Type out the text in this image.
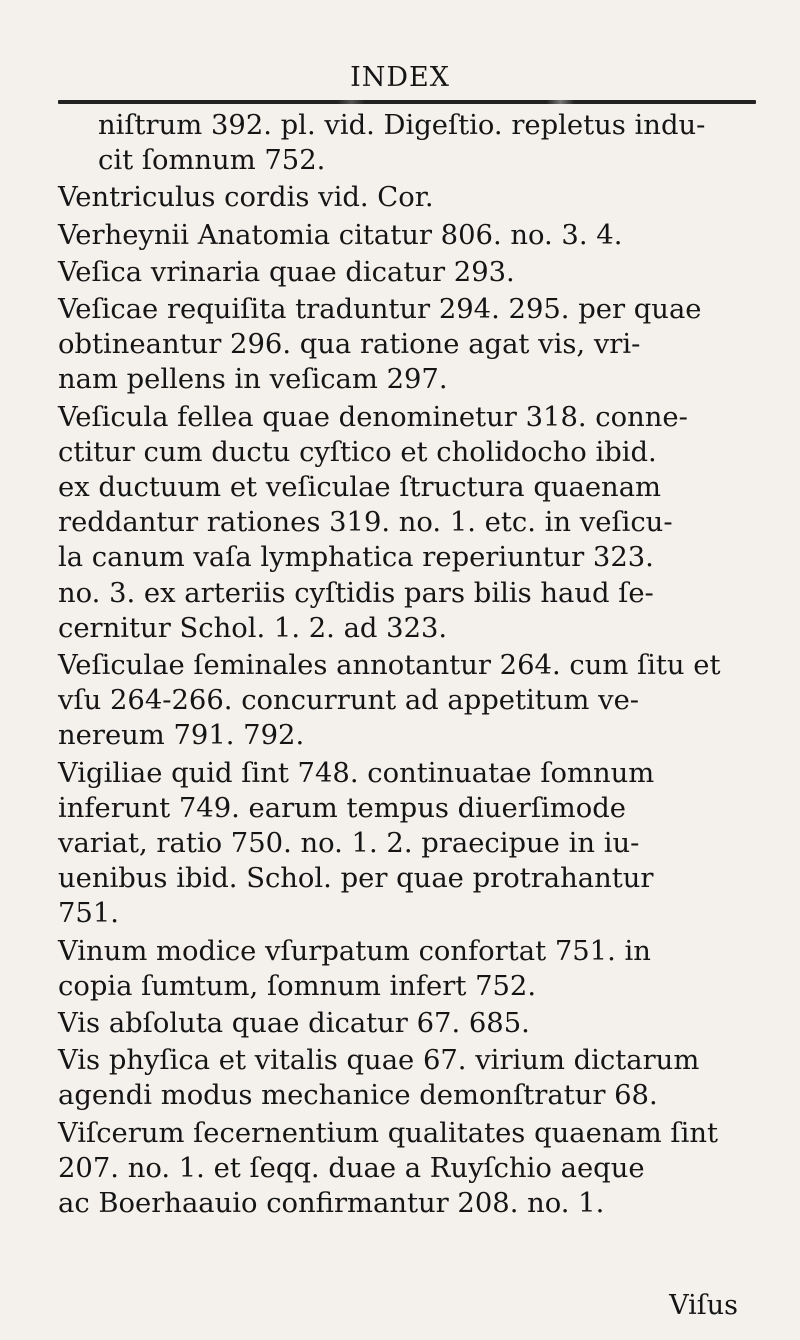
INDEX

niſtrum 392. pl. vid. Digeſtio. repletus indu-
cit ſomnum 752.

Ventriculus cordis vid. Cor.

Verheynii Anatomia citatur 806. no. 3. 4.

Veſica vrinaria quae dicatur 293.

Veſicae requiſita traduntur 294. 295. per quae
obtineantur 296. qua ratione agat vis, vri-
nam pellens in veſicam 297.

Veſicula fellea quae denominetur 318. conne-
ctitur cum ductu cyſtico et cholidocho ibid.
ex ductuum et veſiculae ſtructura quaenam
reddantur rationes 319. no. 1. etc. in veſicu-
la canum vaſa lymphatica reperiuntur 323.
no. 3. ex arteriis cyſtidis pars bilis haud ſe-
cernitur Schol. 1. 2. ad 323.

Veſiculae ſeminales annotantur 264. cum ſitu et
vſu 264-266. concurrunt ad appetitum ve-
nereum 791. 792.

Vigiliae quid ſint 748. continuatae ſomnum
inferunt 749. earum tempus diuerſimode
variat, ratio 750. no. 1. 2. praecipue in iu-
uenibus ibid. Schol. per quae protrahantur
751.

Vinum modice vſurpatum confortat 751. in
copia ſumtum, ſomnum infert 752.

Vis abſoluta quae dicatur 67. 685.

Vis phyſica et vitalis quae 67. virium dictarum
agendi modus mechanice demonſtratur 68.

Viſcerum ſecernentium qualitates quaenam ſint
207. no. 1. et ſeqq. duae a Ruyſchio aeque
ac Boerhaauio confirmantur 208. no. 1.

Viſus
